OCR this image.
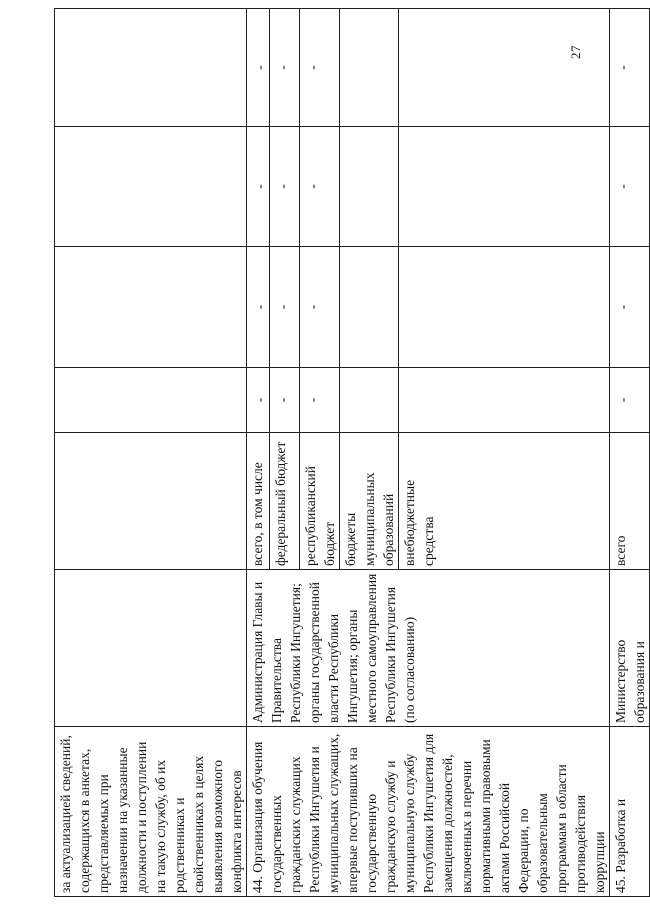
27
за актуализацией сведений, содержащихся в анкетах, представляемых при назначении на указанные должности и поступлении на такую службу, об их родственниках и свойственниках в целях выявления возможного конфликта интересов						
44. Организация обучения государственных гражданских служащих Республики Ингушетия и муниципальных служащих, впервые поступивших на государственную гражданскую службу и муниципальную службу Республики Ингушетия для замещения должностей, включенных в перечни нормативными правовыми актами Российской Федерации, по образовательным программам в области противодействия коррупции	Администрация Главы и Правительства Республики Ингушетия; органы государственной власти Республики Ингушетия; органы местного самоуправления Республики Ингушетия (по согласованию)	всего, в том числе	-	-	-	-
		федеральный бюджет	-	-	-	-
		республиканский бюджет	-	-	-	-
		бюджеты муниципальных образований				
		внебюджетные средства				
45. Разработка и	Министерство образования и	всего	-	-	-	-
